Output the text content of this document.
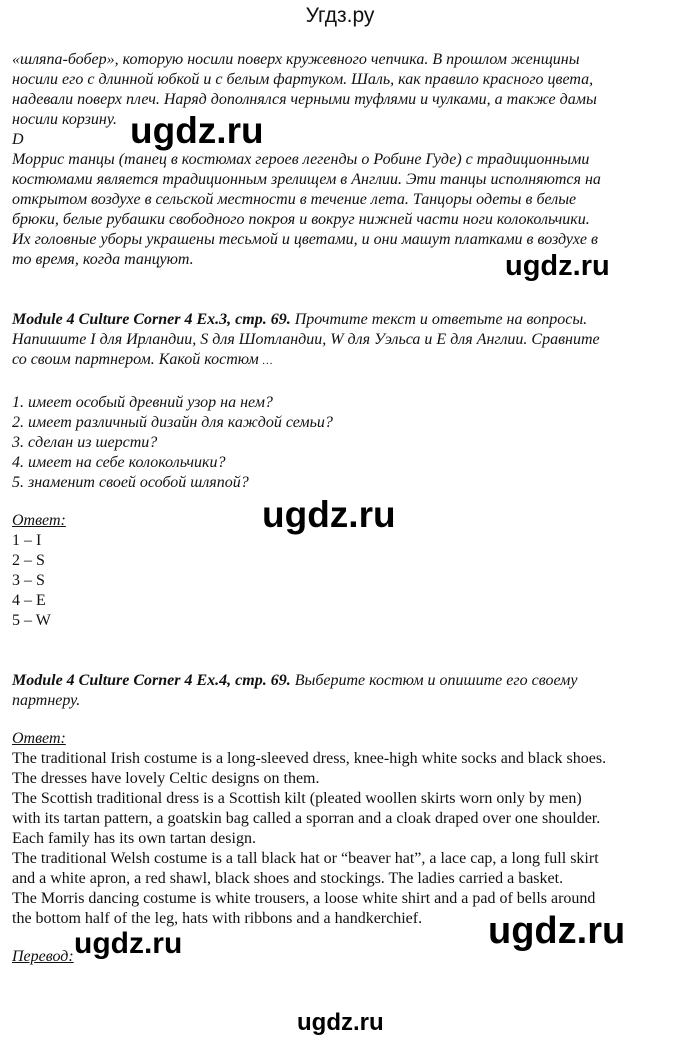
Угдз.ру
«шляпа-бобер», которую носили поверх кружевного чепчика. В прошлом женщины
носили его с длинной юбкой и с белым фартуком. Шаль, как правило красного цвета,
надевали поверх плеч. Наряд дополнялся черными туфлями и чулками, а также дамы
носили корзину.
D
Моррис танцы (танец в костюмах героев легенды о Робине Гуде) с традиционными
костюмами является традиционным зрелищем в Англии. Эти танцы исполняются на
открытом воздухе в сельской местности в течение лета. Танцоры одеты в белые
брюки, белые рубашки свободного покроя и вокруг нижней части ноги колокольчики.
Их головные уборы украшены тесьмой и цветами, и они машут платками в воздухе в
то время, когда танцуют.
Module 4 Culture Corner 4 Ex.3, стр. 69. Прочтите текст и ответьте на вопросы.
Напишите I для Ирландии, S для Шотландии, W для Уэльса и E для Англии. Сравните
со своим партнером. Какой костюм …
1. имеет особый древний узор на нем?
2. имеет различный дизайн для каждой семьи?
3. сделан из шерсти?
4. имеет на себе колокольчики?
5. знаменит своей особой шляпой?
Ответ:
1 – I
2 – S
3 – S
4 – E
5 – W
Module 4 Culture Corner 4 Ex.4, стр. 69. Выберите костюм и опишите его своему
партнеру.
Ответ:
The traditional Irish costume is a long-sleeved dress, knee-high white socks and black shoes.
The dresses have lovely Celtic designs on them.
The Scottish traditional dress is a Scottish kilt (pleated woollen skirts worn only by men)
with its tartan pattern, a goatskin bag called a sporran and a cloak draped over one shoulder.
Each family has its own tartan design.
The traditional Welsh costume is a tall black hat or “beaver hat”, a lace cap, a long full skirt
and a white apron, a red shawl, black shoes and stockings. The ladies carried a basket.
The Morris dancing costume is white trousers, a loose white shirt and a pad of bells around
the bottom half of the leg, hats with ribbons and a handkerchief.
Перевод:
ugdz.ru
ugdz.ru
ugdz.ru
ugdz.ru
ugdz.ru
ugdz.ru
